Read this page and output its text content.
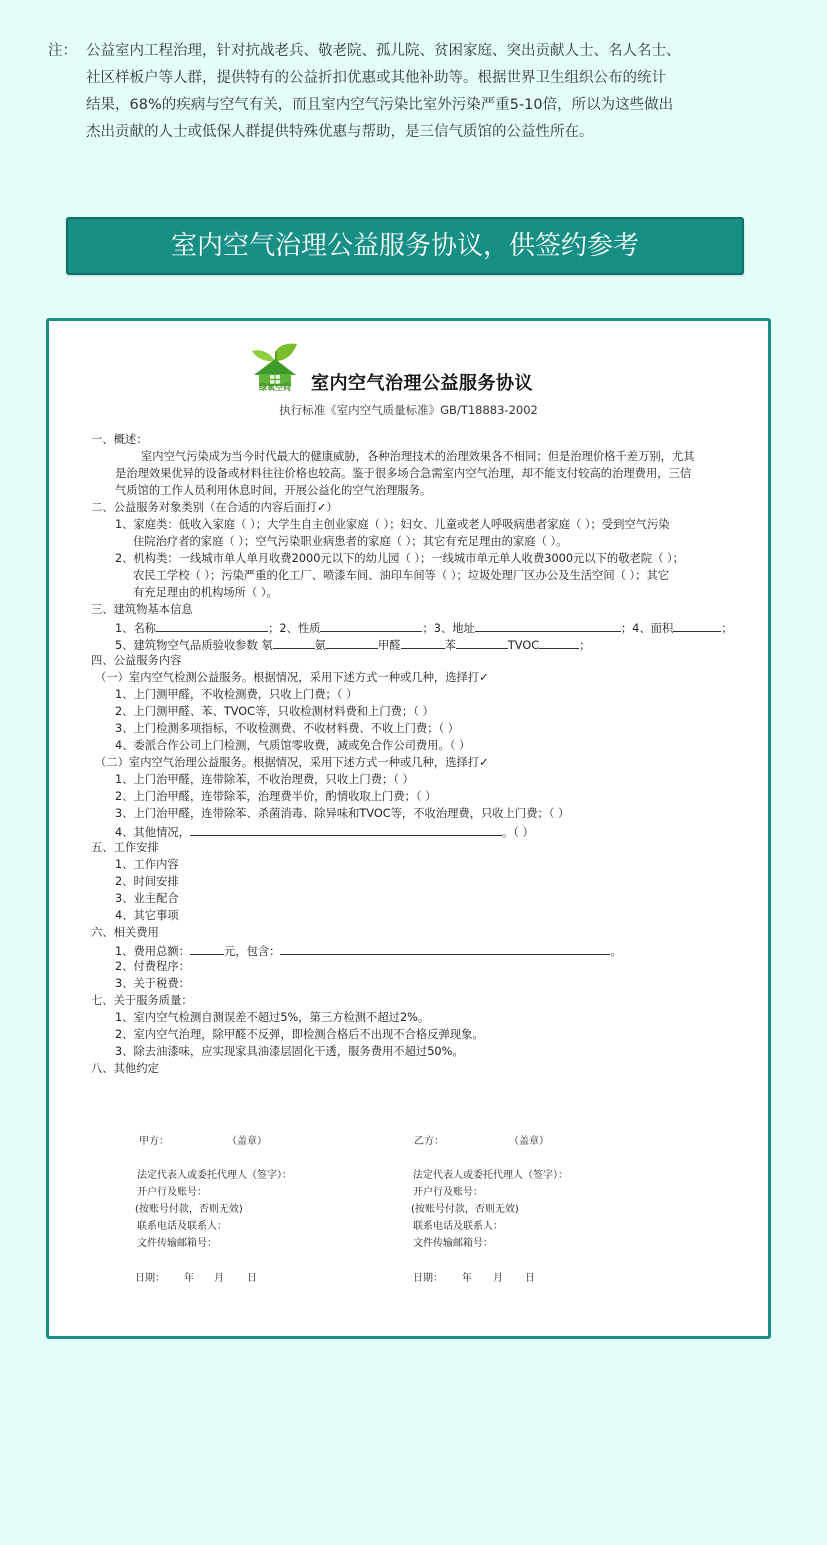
注： 公益室内工程治理，针对抗战老兵、敬老院、孤儿院、贫困家庭、突出贡献人士、名人名士、
社区样板户等人群，提供特有的公益折扣优惠或其他补助等。根据世界卫生组织公布的统计
结果，68%的疾病与空气有关，而且室内空气污染比室外污染严重5-10倍，所以为这些做出
杰出贡献的人士或低保人群提供特殊优惠与帮助，是三信气质馆的公益性所在。
室内空气治理公益服务协议，供签约参考
绿氧空间 室内空气治理公益服务协议
执行标准《室内空气质量标准》GB/T18883-2002
一、概述：
室内空气污染成为当今时代最大的健康威胁，各种治理技术的治理效果各不相同；但是治理价格千差万别，尤其
是治理效果优异的设备或材料往往价格也较高。鉴于很多场合急需室内空气治理，却不能支付较高的治理费用，三信
气质馆的工作人员利用休息时间，开展公益化的空气治理服务。
二、公益服务对象类别（在合适的内容后面打✓）
1、家庭类：低收入家庭（ ）；大学生自主创业家庭（ ）；妇女、儿童或老人呼吸病患者家庭（ ）；受到空气污染
住院治疗者的家庭（ ）；空气污染职业病患者的家庭（ ）；其它有充足理由的家庭（ ）。
2、机构类：一线城市单人单月收费2000元以下的幼儿园（ ）；一线城市单元单人收费3000元以下的敬老院（ ）；
农民工学校（ ）；污染严重的化工厂、喷漆车间、油印车间等（ ）；垃圾处理厂区办公及生活空间（ ）；其它
有充足理由的机构场所（ ）。
三、建筑物基本信息
1、名称	；2、性质	；3、地址	；4、面积	；
5、建筑物空气品质验收参数 氡	氨	甲醛	苯	TVOC	；
四、公益服务内容
（一）室内空气检测公益服务。根据情况，采用下述方式一种或几种，选择打✓
1、上门测甲醛，不收检测费，只收上门费；（ ）
2、上门测甲醛、苯、TVOC等，只收检测材料费和上门费；（ ）
3、上门检测多项指标，不收检测费、不收材料费、不收上门费；（ ）
4、委派合作公司上门检测，气质馆零收费，减或免合作公司费用。（ ）
（二）室内空气治理公益服务。根据情况，采用下述方式一种或几种，选择打✓
1、上门治甲醛，连带除苯，不收治理费，只收上门费；（ ）
2、上门治甲醛，连带除苯，治理费半价，酌情收取上门费；（ ）
3、上门治甲醛，连带除苯、杀菌消毒、除异味和TVOC等，不收治理费，只收上门费；（ ）
4、其他情况，	。（ ）
五、工作安排
1、工作内容
2、时间安排
3、业主配合
4、其它事项
六、相关费用
1、费用总额：	元，包含：	。
2、付费程序：
3、关于税费：
七、关于服务质量：
1、室内空气检测自测误差不超过5%，第三方检测不超过2%。
2、室内空气治理，除甲醛不反弹，即检测合格后不出现不合格反弹现象。
3、除去油漆味，应实现家具油漆层固化干透，服务费用不超过50%。
八、其他约定
甲方：	（盖章）
法定代表人或委托代理人（签字）：
开户行及账号：
(按账号付款，否则无效)
联系电话及联系人：
文件传输邮箱号：
日期： 年 月 日
乙方：	（盖章）
法定代表人或委托代理人（签字）：
开户行及账号：
(按账号付款，否则无效)
联系电话及联系人：
文件传输邮箱号：
日期： 年 月 日
